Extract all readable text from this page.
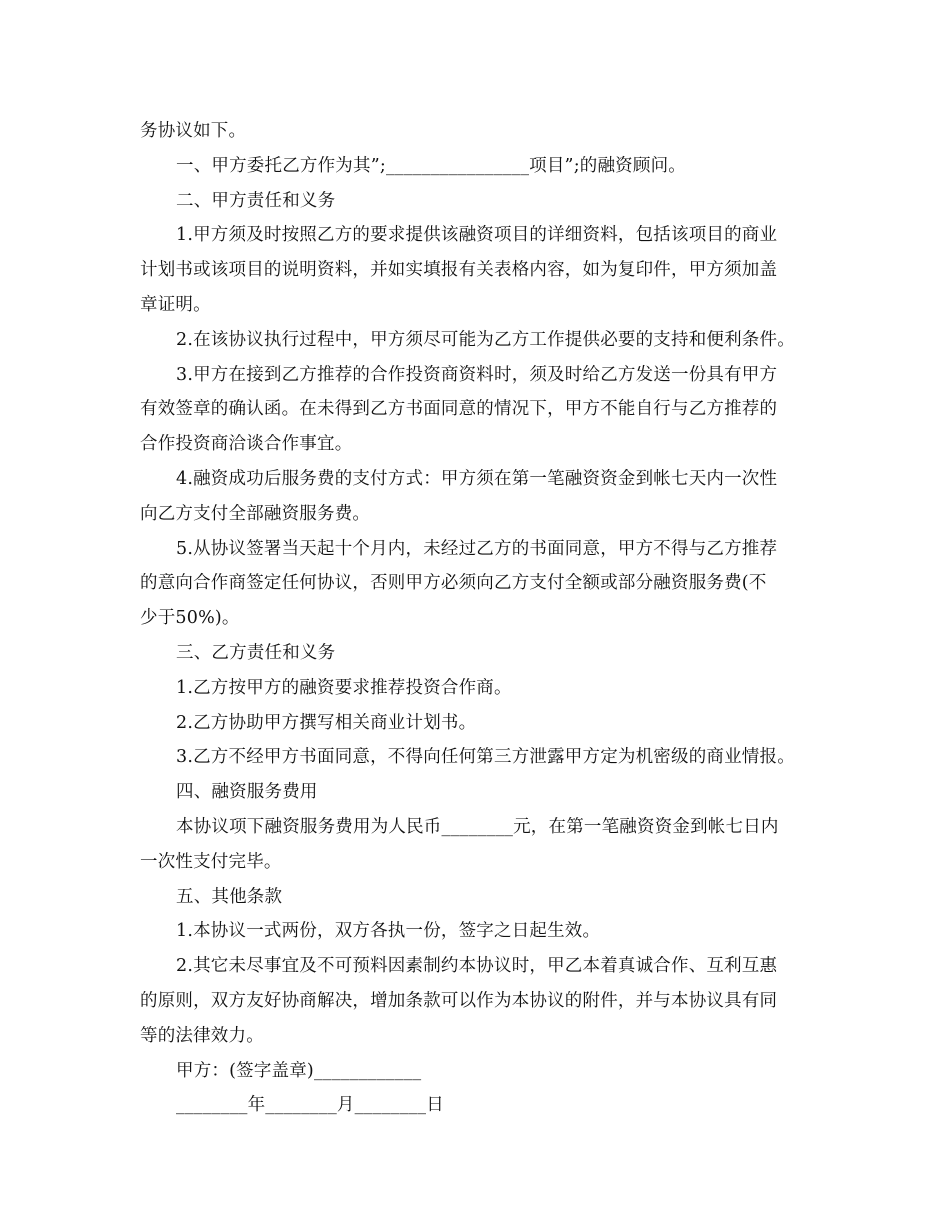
务协议如下。
一、甲方委托乙方作为其”;________________项目”;的融资顾问。
二、甲方责任和义务
1.甲方须及时按照乙方的要求提供该融资项目的详细资料，包括该项目的商业
计划书或该项目的说明资料，并如实填报有关表格内容，如为复印件，甲方须加盖
章证明。
2.在该协议执行过程中，甲方须尽可能为乙方工作提供必要的支持和便利条件。
3.甲方在接到乙方推荐的合作投资商资料时，须及时给乙方发送一份具有甲方
有效签章的确认函。在未得到乙方书面同意的情况下，甲方不能自行与乙方推荐的
合作投资商洽谈合作事宜。
4.融资成功后服务费的支付方式：甲方须在第一笔融资资金到帐七天内一次性
向乙方支付全部融资服务费。
5.从协议签署当天起十个月内，未经过乙方的书面同意，甲方不得与乙方推荐
的意向合作商签定任何协议，否则甲方必须向乙方支付全额或部分融资服务费(不
少于50%)。
三、乙方责任和义务
1.乙方按甲方的融资要求推荐投资合作商。
2.乙方协助甲方撰写相关商业计划书。
3.乙方不经甲方书面同意，不得向任何第三方泄露甲方定为机密级的商业情报。
四、融资服务费用
本协议项下融资服务费用为人民币________元，在第一笔融资资金到帐七日内
一次性支付完毕。
五、其他条款
1.本协议一式两份，双方各执一份，签字之日起生效。
2.其它未尽事宜及不可预料因素制约本协议时，甲乙本着真诚合作、互利互惠
的原则，双方友好协商解决，增加条款可以作为本协议的附件，并与本协议具有同
等的法律效力。
甲方：(签字盖章)____________
________年________月________日
